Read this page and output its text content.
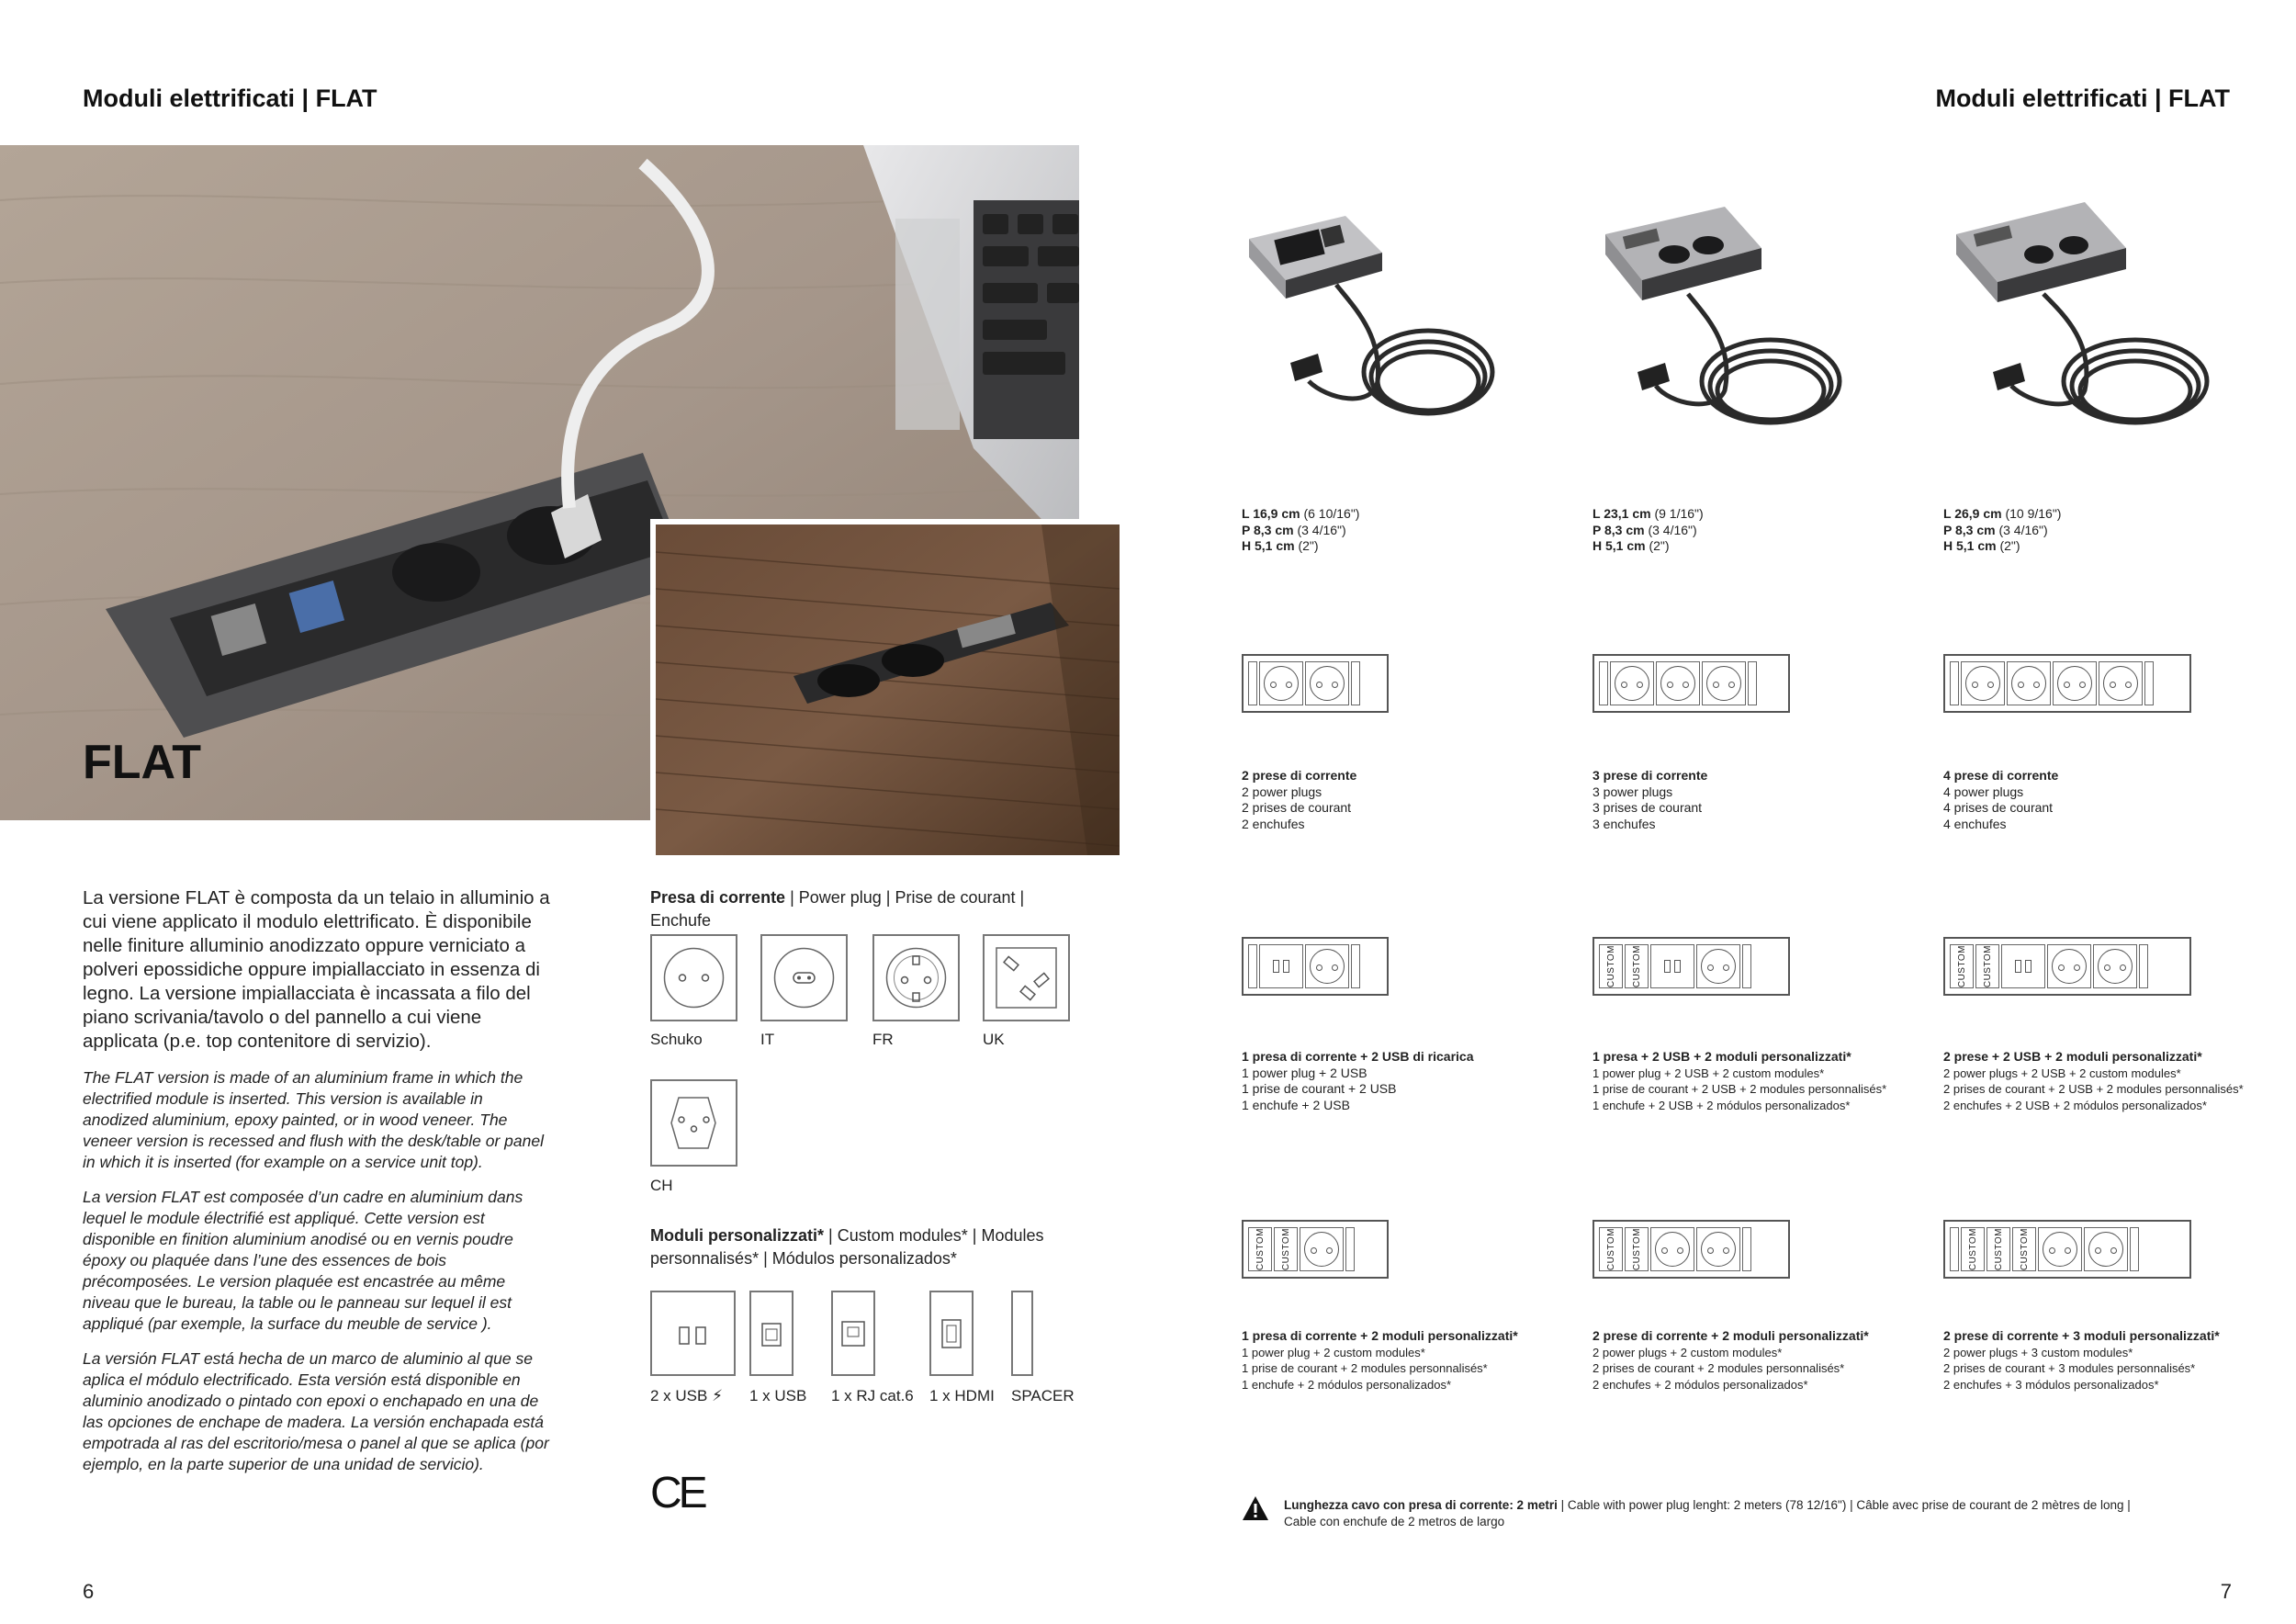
Moduli elettrificati | FLAT	Moduli elettrificati | FLAT
FLAT

La versione FLAT è composta da un telaio in alluminio a cui viene applicato il modulo elettrificato. È disponibile nelle finiture alluminio anodizzato oppure verniciato a polveri epossidiche oppure impiallacciato in essenza di legno. La versione impiallacciata è incassata a filo del piano scrivania/tavolo o del pannello a cui viene applicata (p.e. top contenitore di servizio).

The FLAT version is made of an aluminium frame in which the electrified module is inserted. This version is available in anodized aluminium, epoxy painted, or in wood veneer. The veneer version is recessed and flush with the desk/table or panel in which it is inserted (for example on a service unit top).

La version FLAT est composée d’un cadre en aluminium dans lequel le module électrifié est appliqué. Cette version est disponible en finition aluminium anodisé ou en vernis poudre époxy ou plaquée dans l’une des essences de bois précomposées. Le version plaquée est encastrée au même niveau que le bureau, la table ou le panneau sur lequel il est appliqué (par exemple, la surface du meuble de service ).

La versión FLAT está hecha de un marco de aluminio al que se aplica el módulo electrificado. Esta versión está disponible en aluminio anodizado o pintado con epoxi o enchapado en una de las opciones de enchape de madera. La versión enchapada está empotrada al ras del escritorio/mesa o panel al que se aplica (por ejemplo, en la parte superior de una unidad de servicio).

Presa di corrente | Power plug | Prise de courant | Enchufe
Schuko	IT	FR	UK
CH
Moduli personalizzati* | Custom modules* | Modules personnalisés* | Módulos personalizados*
2 x USB ⚡ 1 x USB 1 x RJ cat.6 1 x HDMI SPACER
CE
L 16,9 cm (6 10/16")
P 8,3 cm (3 4/16")
H 5,1 cm (2")
L 23,1 cm (9 1/16")
P 8,3 cm (3 4/16")
H 5,1 cm (2")
L 26,9 cm (10 9/16")
P 8,3 cm (3 4/16")
H 5,1 cm (2")
2 prese di corrente
2 power plugs
2 prises de courant
2 enchufes
3 prese di corrente
3 power plugs
3 prises de courant
3 enchufes
4 prese di corrente
4 power plugs
4 prises de courant
4 enchufes
CUSTOM CUSTOM	CUSTOM CUSTOM
1 presa di corrente + 2 USB di ricarica
1 power plug + 2 USB
1 prise de courant + 2 USB
1 enchufe + 2 USB
1 presa + 2 USB + 2 moduli personalizzati*
1 power plug + 2 USB + 2 custom modules*
1 prise de courant + 2 USB + 2 modules personnalisés*
1 enchufe + 2 USB + 2 módulos personalizados*
2 prese + 2 USB + 2 moduli personalizzati*
2 power plugs + 2 USB + 2 custom modules*
2 prises de courant + 2 USB + 2 modules personnalisés*
2 enchufes + 2 USB + 2 módulos personalizados*
CUSTOM CUSTOM	CUSTOM CUSTOM	CUSTOM CUSTOM CUSTOM
1 presa di corrente + 2 moduli personalizzati*
1 power plug + 2 custom modules*
1 prise de courant + 2 modules personnalisés*
1 enchufe + 2 módulos personalizados*
2 prese di corrente + 2 moduli personalizzati*
2 power plugs + 2 custom modules*
2 prises de courant + 2 modules personnalisés*
2 enchufes + 2 módulos personalizados*
2 prese di corrente + 3 moduli personalizzati*
2 power plugs + 3 custom modules*
2 prises de courant + 3 modules personnalisés*
2 enchufes + 3 módulos personalizados*
Lunghezza cavo con presa di corrente: 2 metri | Cable with power plug lenght: 2 meters (78 12/16") | Câble avec prise de courant de 2 mètres de long |
Cable con enchufe de 2 metros de largo
6	7
